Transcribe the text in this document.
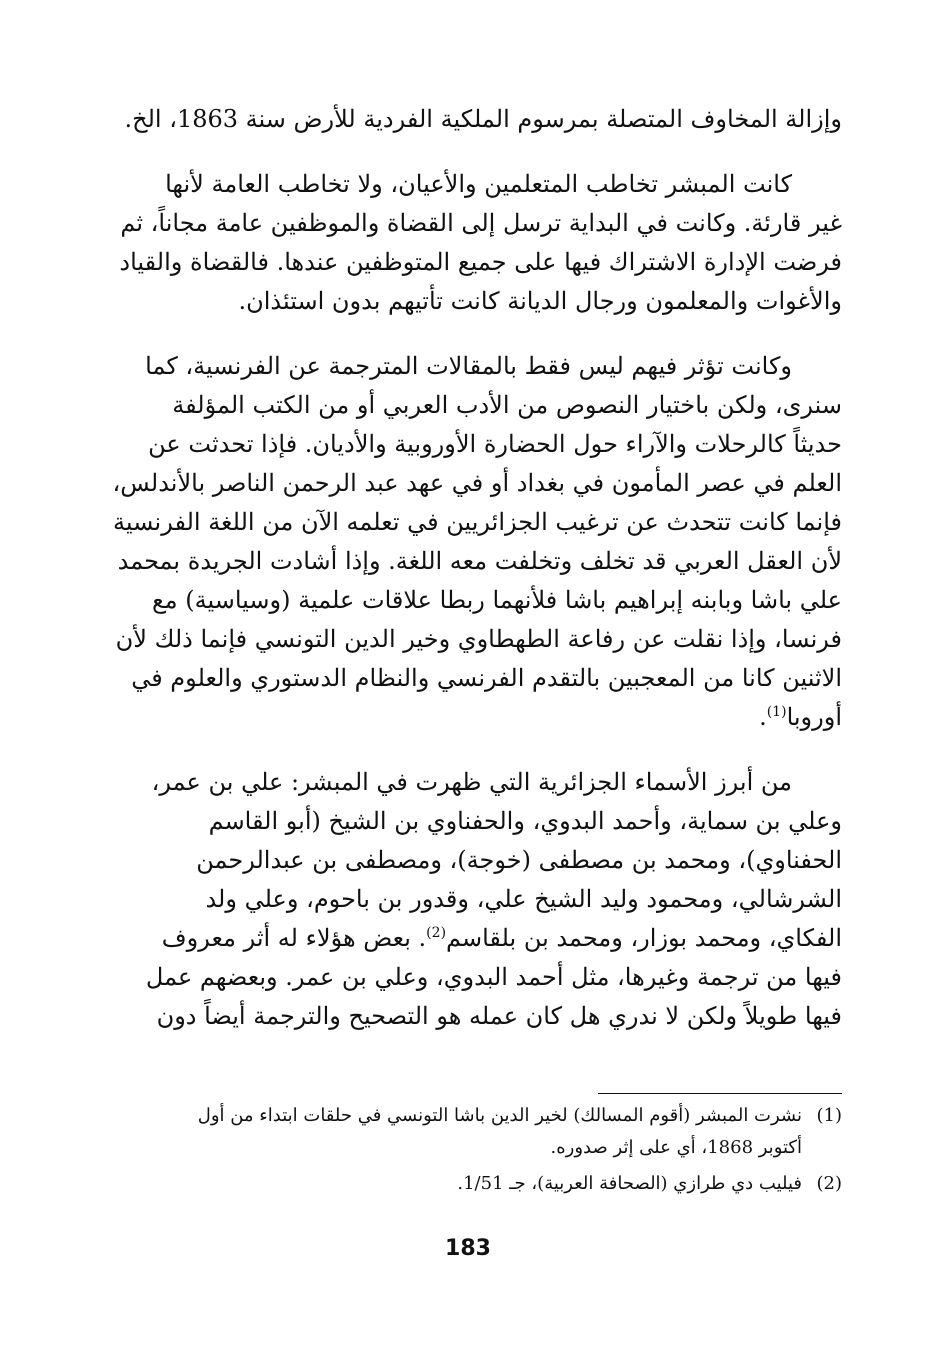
وإزالة المخاوف المتصلة بمرسوم الملكية الفردية للأرض سنة 1863، الخ.

كانت المبشر تخاطب المتعلمين والأعيان، ولا تخاطب العامة لأنها
غير قارئة. وكانت في البداية ترسل إلى القضاة والموظفين عامة مجاناً، ثم
فرضت الإدارة الاشتراك فيها على جميع المتوظفين عندها. فالقضاة والقياد
والأغوات والمعلمون ورجال الديانة كانت تأتيهم بدون استئذان.

وكانت تؤثر فيهم ليس فقط بالمقالات المترجمة عن الفرنسية، كما
سنرى، ولكن باختيار النصوص من الأدب العربي أو من الكتب المؤلفة
حديثاً كالرحلات والآراء حول الحضارة الأوروبية والأديان. فإذا تحدثت عن
العلم في عصر المأمون في بغداد أو في عهد عبد الرحمن الناصر بالأندلس،
فإنما كانت تتحدث عن ترغيب الجزائريين في تعلمه الآن من اللغة الفرنسية
لأن العقل العربي قد تخلف وتخلفت معه اللغة. وإذا أشادت الجريدة بمحمد
علي باشا وبابنه إبراهيم باشا فلأنهما ربطا علاقات علمية (وسياسية) مع
فرنسا، وإذا نقلت عن رفاعة الطهطاوي وخير الدين التونسي فإنما ذلك لأن
الاثنين كانا من المعجبين بالتقدم الفرنسي والنظام الدستوري والعلوم في
أوروبا$^{(1)}$.

من أبرز الأسماء الجزائرية التي ظهرت في المبشر: علي بن عمر،
وعلي بن سماية، وأحمد البدوي، والحفناوي بن الشيخ (أبو القاسم
الحفناوي)، ومحمد بن مصطفى (خوجة)، ومصطفى بن عبدالرحمن
الشرشالي، ومحمود وليد الشيخ علي، وقدور بن باحوم، وعلي ولد
الفكاي، ومحمد بوزار، ومحمد بن بلقاسم$^{(2)}$. بعض هؤلاء له أثر معروف
فيها من ترجمة وغيرها، مثل أحمد البدوي، وعلي بن عمر. وبعضهم عمل
فيها طويلاً ولكن لا ندري هل كان عمله هو التصحيح والترجمة أيضاً دون

(1)نشرت المبشر (أقوم المسالك) لخير الدين باشا التونسي في حلقات ابتداء من أول

أكتوبر 1868، أي على إثر صدوره.

(2)فيليب دي طرازي (الصحافة العربية)، جـ 1/51.

183
